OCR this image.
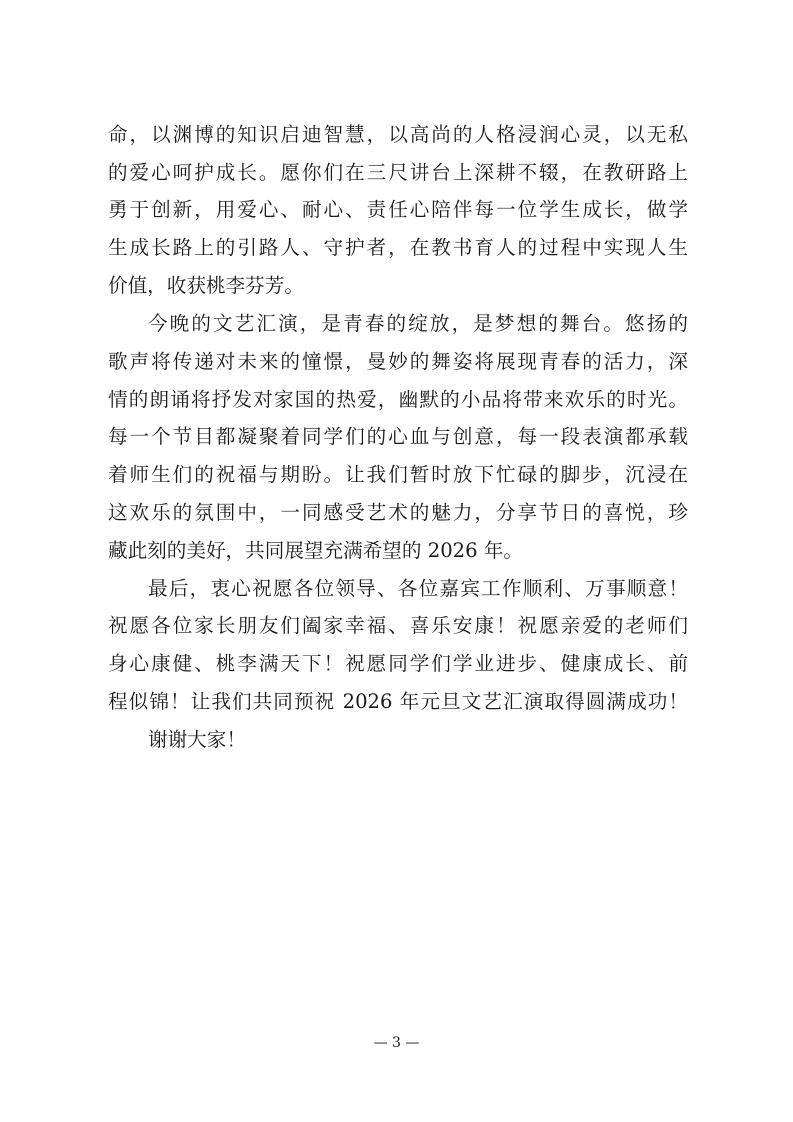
命，以渊博的知识启迪智慧，以高尚的人格浸润心灵，以无私
的爱心呵护成长。愿你们在三尺讲台上深耕不辍，在教研路上
勇于创新，用爱心、耐心、责任心陪伴每一位学生成长，做学
生成长路上的引路人、守护者，在教书育人的过程中实现人生
价值，收获桃李芬芳。
今晚的文艺汇演，是青春的绽放，是梦想的舞台。悠扬的
歌声将传递对未来的憧憬，曼妙的舞姿将展现青春的活力，深
情的朗诵将抒发对家国的热爱，幽默的小品将带来欢乐的时光。
每一个节目都凝聚着同学们的心血与创意，每一段表演都承载
着师生们的祝福与期盼。让我们暂时放下忙碌的脚步，沉浸在
这欢乐的氛围中，一同感受艺术的魅力，分享节日的喜悦，珍
藏此刻的美好，共同展望充满希望的 2026 年。
最后，衷心祝愿各位领导、各位嘉宾工作顺利、万事顺意！
祝愿各位家长朋友们阖家幸福、喜乐安康！祝愿亲爱的老师们
身心康健、桃李满天下！祝愿同学们学业进步、健康成长、前
程似锦！让我们共同预祝 2026 年元旦文艺汇演取得圆满成功！
谢谢大家！
— 3 —
